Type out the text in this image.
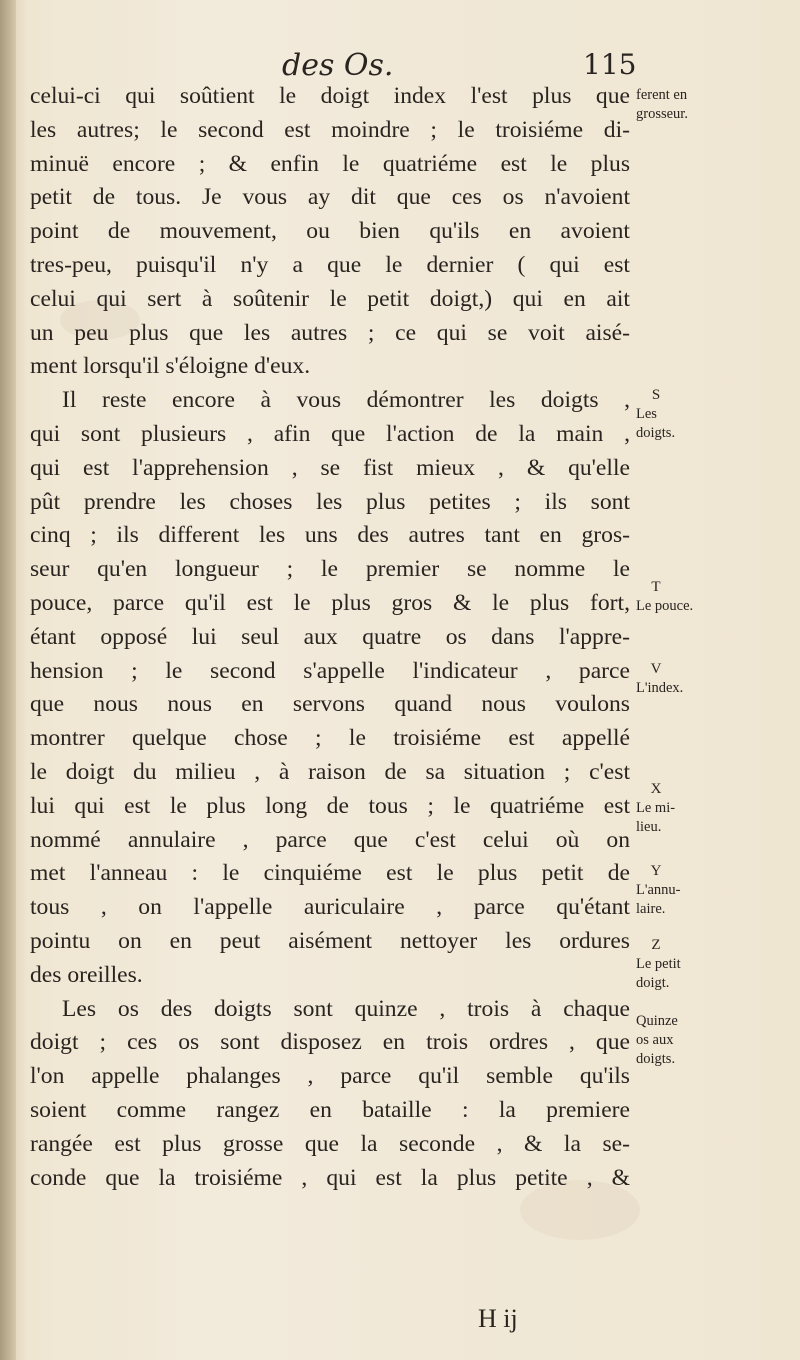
des Os.	115
celui-ci qui soûtient le doigt index l'est plus que
les autres; le second est moindre ; le troisiéme di-
minuë encore ; & enfin le quatriéme est le plus
petit de tous. Je vous ay dit que ces os n'avoient
point de mouvement, ou bien qu'ils en avoient
tres-peu, puisqu'il n'y a que le dernier ( qui est
celui qui sert à soûtenir le petit doigt,) qui en ait
un peu plus que les autres ; ce qui se voit aisé-
ment lorsqu'il s'éloigne d'eux.
Il reste encore à vous démontrer les doigts ,
qui sont plusieurs , afin que l'action de la main ,
qui est l'apprehension , se fist mieux , & qu'elle
pût prendre les choses les plus petites ; ils sont
cinq ; ils different les uns des autres tant en gros-
seur qu'en longueur ; le premier se nomme le
pouce, parce qu'il est le plus gros & le plus fort,
étant opposé lui seul aux quatre os dans l'appre-
hension ; le second s'appelle l'indicateur , parce
que nous nous en servons quand nous voulons
montrer quelque chose ; le troisiéme est appellé
le doigt du milieu , à raison de sa situation ; c'est
lui qui est le plus long de tous ; le quatriéme est
nommé annulaire , parce que c'est celui où on
met l'anneau : le cinquiéme est le plus petit de
tous , on l'appelle auriculaire , parce qu'étant
pointu on en peut aisément nettoyer les ordures
des oreilles.
Les os des doigts sont quinze , trois à chaque
doigt ; ces os sont disposez en trois ordres , que
l'on appelle phalanges , parce qu'il semble qu'ils
soient comme rangez en bataille : la premiere
rangée est plus grosse que la seconde , & la se-
conde que la troisiéme , qui est la plus petite , &
ferent en
grosseur.
S
Les
doigts.
T
Le pouce.
V
L'index.
X
Le mi-
lieu.
Y
L'annu-
laire.
Z
Le petit
doigt.
Quinze
os aux
doigts.
H ij
